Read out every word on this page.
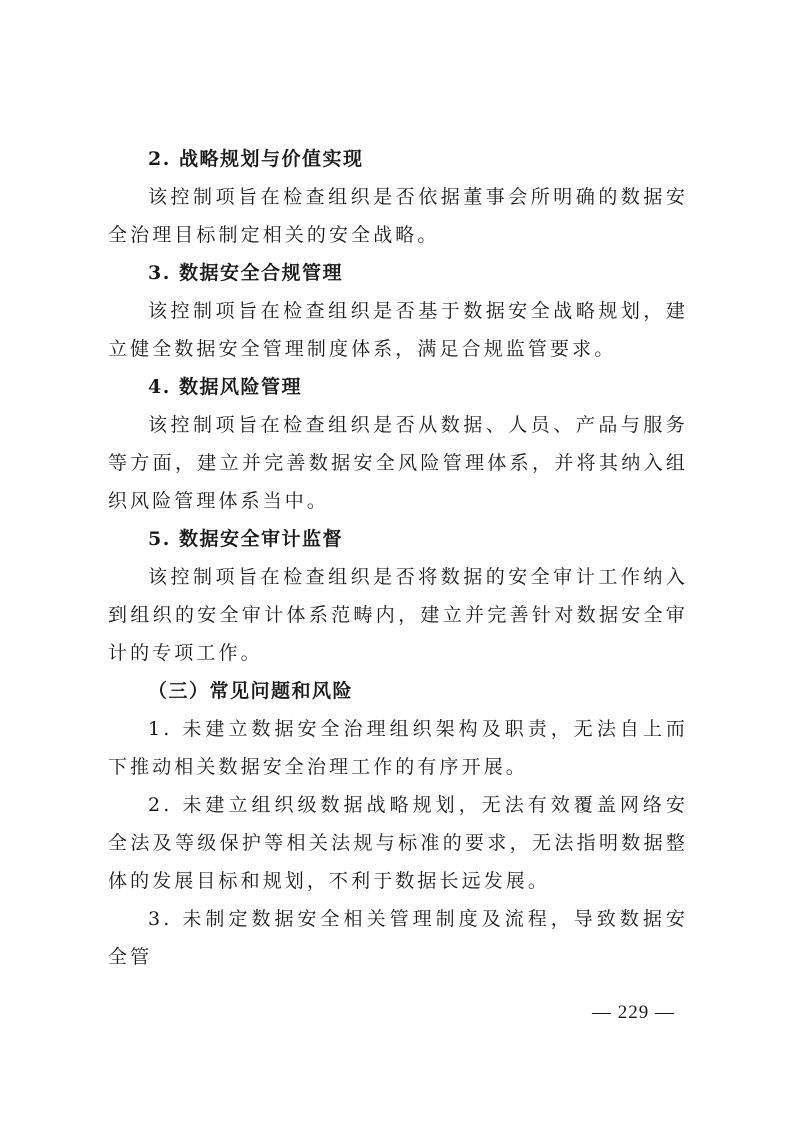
2. 战略规划与价值实现

该控制项旨在检查组织是否依据董事会所明确的数据安全治理目标制定相关的安全战略。

3. 数据安全合规管理

该控制项旨在检查组织是否基于数据安全战略规划，建立健全数据安全管理制度体系，满足合规监管要求。

4. 数据风险管理

该控制项旨在检查组织是否从数据、人员、产品与服务等方面，建立并完善数据安全风险管理体系，并将其纳入组织风险管理体系当中。

5. 数据安全审计监督

该控制项旨在检查组织是否将数据的安全审计工作纳入到组织的安全审计体系范畴内，建立并完善针对数据安全审计的专项工作。

（三）常见问题和风险

1. 未建立数据安全治理组织架构及职责，无法自上而下推动相关数据安全治理工作的有序开展。

2. 未建立组织级数据战略规划，无法有效覆盖网络安全法及等级保护等相关法规与标准的要求，无法指明数据整体的发展目标和规划，不利于数据长远发展。

3. 未制定数据安全相关管理制度及流程，导致数据安全管

— 229 —
